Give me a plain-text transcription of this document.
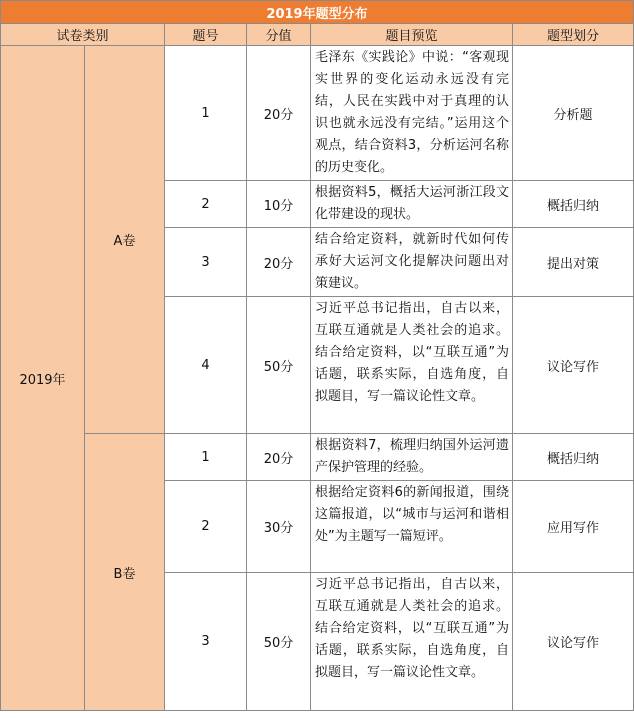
2019年题型分布					
试卷类别		题号	分值	题目预览	题型划分
2019年	A卷	1	20分	毛泽东《实践论》中说：“客观现实世界的变化运动永远没有完结，人民在实践中对于真理的认识也就永远没有完结。”运用这个观点，结合资料3，分析运河名称的历史变化。	分析题
		2	10分	根据资料5，概括大运河浙江段文化带建设的现状。	概括归纳
		3	20分	结合给定资料，就新时代如何传承好大运河文化提解决问题出对策建议。	提出对策
		4	50分	习近平总书记指出，自古以来，互联互通就是人类社会的追求。结合给定资料，以“互联互通”为话题，联系实际，自选角度，自拟题目，写一篇议论性文章。	议论写作
	B卷	1	20分	根据资料7，梳理归纳国外运河遗产保护管理的经验。	概括归纳
		2	30分	根据给定资料6的新闻报道，围绕这篇报道，以“城市与运河和谐相处”为主题写一篇短评。	应用写作
		3	50分	习近平总书记指出，自古以来，互联互通就是人类社会的追求。结合给定资料，以“互联互通”为话题，联系实际，自选角度，自拟题目，写一篇议论性文章。	议论写作
